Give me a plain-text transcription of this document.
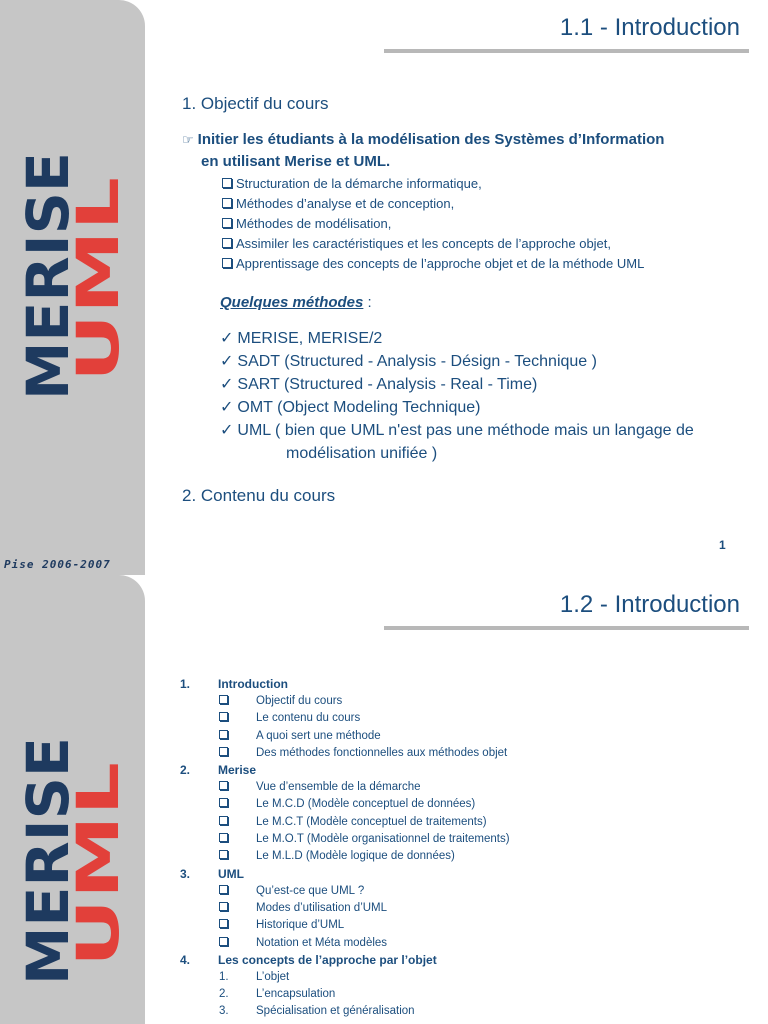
MERISE
UML
Pise 2006-2007
1.1 - Introduction
1. Objectif du cours
☞ Initier les étudiants à la modélisation des Systèmes d’Information
en utilisant Merise et UML.
Structuration de la démarche informatique,
Méthodes d’analyse et de conception,
Méthodes de modélisation,
Assimiler les caractéristiques et les concepts de l’approche objet,
Apprentissage des concepts de l’approche objet et de la méthode UML
Quelques méthodes :
✓ MERISE, MERISE/2
✓ SADT (Structured - Analysis - Désign - Technique )
✓ SART (Structured - Analysis - Real - Time)
✓ OMT (Object Modeling Technique)
✓ UML ( bien que UML n'est pas une méthode mais un langage de
modélisation unifiée )
2. Contenu du cours
1
MERISE
UML
1.2 - Introduction
1. Introduction
Objectif du cours
Le contenu du cours
A quoi sert une méthode
Des méthodes fonctionnelles aux méthodes objet
2. Merise
Vue d’ensemble de la démarche
Le M.C.D (Modèle conceptuel de données)
Le M.C.T (Modèle conceptuel de traitements)
Le M.O.T (Modèle organisationnel de traitements)
Le M.L.D (Modèle logique de données)
3. UML
Qu’est-ce que UML ?
Modes d’utilisation d’UML
Historique d’UML
Notation et Méta modèles
4. Les concepts de l’approche par l’objet
1. L’objet
2. L’encapsulation
3. Spécialisation et généralisation
